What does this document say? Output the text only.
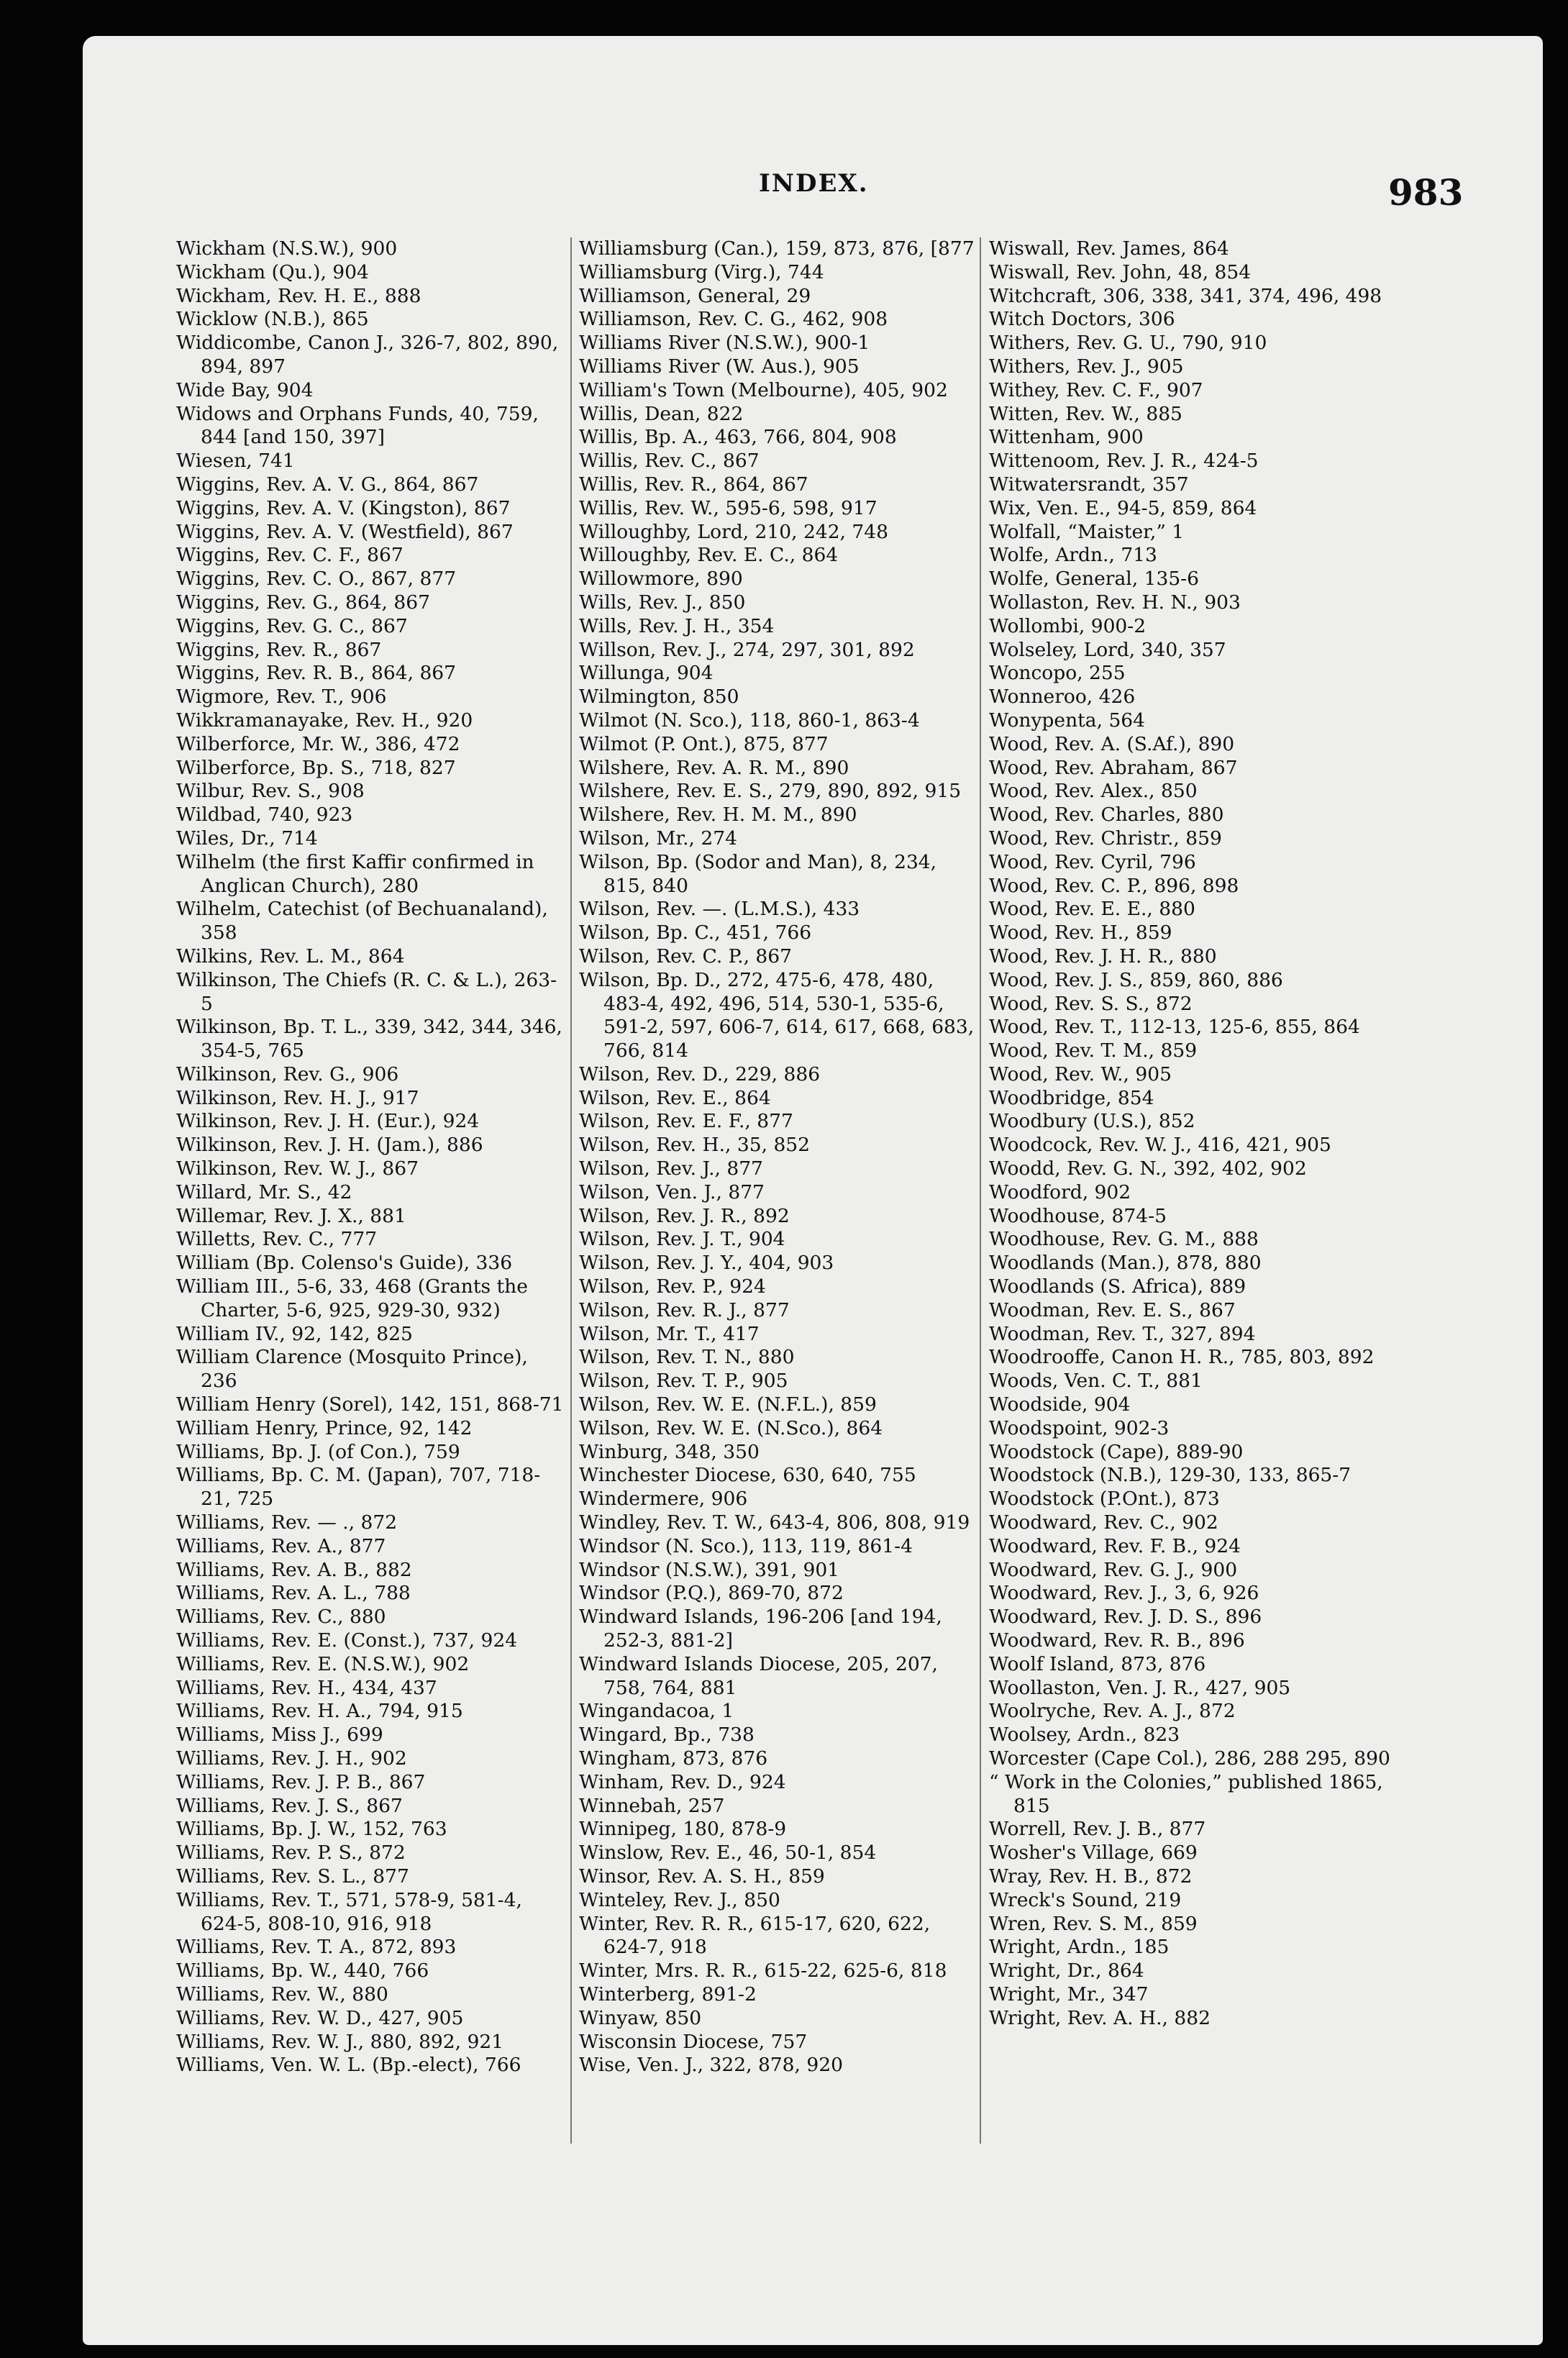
INDEX.	983
Wickham (N.S.W.), 900
Wickham (Qu.), 904
Wickham, Rev. H. E., 888
Wicklow (N.B.), 865
Widdicombe, Canon J., 326-7, 802, 890, 894, 897
Wide Bay, 904
Widows and Orphans Funds, 40, 759, 844 [and 150, 397]
Wiesen, 741
Wiggins, Rev. A. V. G., 864, 867
Wiggins, Rev. A. V. (Kingston), 867
Wiggins, Rev. A. V. (Westfield), 867
Wiggins, Rev. C. F., 867
Wiggins, Rev. C. O., 867, 877
Wiggins, Rev. G., 864, 867
Wiggins, Rev. G. C., 867
Wiggins, Rev. R., 867
Wiggins, Rev. R. B., 864, 867
Wigmore, Rev. T., 906
Wikkramanayake, Rev. H., 920
Wilberforce, Mr. W., 386, 472
Wilberforce, Bp. S., 718, 827
Wilbur, Rev. S., 908
Wildbad, 740, 923
Wiles, Dr., 714
Wilhelm (the first Kaffir confirmed in Anglican Church), 280
Wilhelm, Catechist (of Bechuanaland), 358
Wilkins, Rev. L. M., 864
Wilkinson, The Chiefs (R. C. & L.), 263-5
Wilkinson, Bp. T. L., 339, 342, 344, 346, 354-5, 765
Wilkinson, Rev. G., 906
Wilkinson, Rev. H. J., 917
Wilkinson, Rev. J. H. (Eur.), 924
Wilkinson, Rev. J. H. (Jam.), 886
Wilkinson, Rev. W. J., 867
Willard, Mr. S., 42
Willemar, Rev. J. X., 881
Willetts, Rev. C., 777
William (Bp. Colenso's Guide), 336
William III., 5-6, 33, 468 (Grants the Charter, 5-6, 925, 929-30, 932)
William IV., 92, 142, 825
William Clarence (Mosquito Prince), 236
William Henry (Sorel), 142, 151, 868-71
William Henry, Prince, 92, 142
Williams, Bp. J. (of Con.), 759
Williams, Bp. C. M. (Japan), 707, 718-21, 725
Williams, Rev. — ., 872
Williams, Rev. A., 877
Williams, Rev. A. B., 882
Williams, Rev. A. L., 788
Williams, Rev. C., 880
Williams, Rev. E. (Const.), 737, 924
Williams, Rev. E. (N.S.W.), 902
Williams, Rev. H., 434, 437
Williams, Rev. H. A., 794, 915
Williams, Miss J., 699
Williams, Rev. J. H., 902
Williams, Rev. J. P. B., 867
Williams, Rev. J. S., 867
Williams, Bp. J. W., 152, 763
Williams, Rev. P. S., 872
Williams, Rev. S. L., 877
Williams, Rev. T., 571, 578-9, 581-4, 624-5, 808-10, 916, 918
Williams, Rev. T. A., 872, 893
Williams, Bp. W., 440, 766
Williams, Rev. W., 880
Williams, Rev. W. D., 427, 905
Williams, Rev. W. J., 880, 892, 921
Williams, Ven. W. L. (Bp.-elect), 766
Williamsburg (Can.), 159, 873, 876, [877
Williamsburg (Virg.), 744
Williamson, General, 29
Williamson, Rev. C. G., 462, 908
Williams River (N.S.W.), 900-1
Williams River (W. Aus.), 905
William's Town (Melbourne), 405, 902
Willis, Dean, 822
Willis, Bp. A., 463, 766, 804, 908
Willis, Rev. C., 867
Willis, Rev. R., 864, 867
Willis, Rev. W., 595-6, 598, 917
Willoughby, Lord, 210, 242, 748
Willoughby, Rev. E. C., 864
Willowmore, 890
Wills, Rev. J., 850
Wills, Rev. J. H., 354
Willson, Rev. J., 274, 297, 301, 892
Willunga, 904
Wilmington, 850
Wilmot (N. Sco.), 118, 860-1, 863-4
Wilmot (P. Ont.), 875, 877
Wilshere, Rev. A. R. M., 890
Wilshere, Rev. E. S., 279, 890, 892, 915
Wilshere, Rev. H. M. M., 890
Wilson, Mr., 274
Wilson, Bp. (Sodor and Man), 8, 234, 815, 840
Wilson, Rev. —. (L.M.S.), 433
Wilson, Bp. C., 451, 766
Wilson, Rev. C. P., 867
Wilson, Bp. D., 272, 475-6, 478, 480, 483-4, 492, 496, 514, 530-1, 535-6, 591-2, 597, 606-7, 614, 617, 668, 683, 766, 814
Wilson, Rev. D., 229, 886
Wilson, Rev. E., 864
Wilson, Rev. E. F., 877
Wilson, Rev. H., 35, 852
Wilson, Rev. J., 877
Wilson, Ven. J., 877
Wilson, Rev. J. R., 892
Wilson, Rev. J. T., 904
Wilson, Rev. J. Y., 404, 903
Wilson, Rev. P., 924
Wilson, Rev. R. J., 877
Wilson, Mr. T., 417
Wilson, Rev. T. N., 880
Wilson, Rev. T. P., 905
Wilson, Rev. W. E. (N.F.L.), 859
Wilson, Rev. W. E. (N.Sco.), 864
Winburg, 348, 350
Winchester Diocese, 630, 640, 755
Windermere, 906
Windley, Rev. T. W., 643-4, 806, 808, 919
Windsor (N. Sco.), 113, 119, 861-4
Windsor (N.S.W.), 391, 901
Windsor (P.Q.), 869-70, 872
Windward Islands, 196-206 [and 194, 252-3, 881-2]
Windward Islands Diocese, 205, 207, 758, 764, 881
Wingandacoa, 1
Wingard, Bp., 738
Wingham, 873, 876
Winham, Rev. D., 924
Winnebah, 257
Winnipeg, 180, 878-9
Winslow, Rev. E., 46, 50-1, 854
Winsor, Rev. A. S. H., 859
Winteley, Rev. J., 850
Winter, Rev. R. R., 615-17, 620, 622, 624-7, 918
Winter, Mrs. R. R., 615-22, 625-6, 818
Winterberg, 891-2
Winyaw, 850
Wisconsin Diocese, 757
Wise, Ven. J., 322, 878, 920
Wiswall, Rev. James, 864
Wiswall, Rev. John, 48, 854
Witchcraft, 306, 338, 341, 374, 496, 498
Witch Doctors, 306
Withers, Rev. G. U., 790, 910
Withers, Rev. J., 905
Withey, Rev. C. F., 907
Witten, Rev. W., 885
Wittenham, 900
Wittenoom, Rev. J. R., 424-5
Witwatersrandt, 357
Wix, Ven. E., 94-5, 859, 864
Wolfall, “Maister,” 1
Wolfe, Ardn., 713
Wolfe, General, 135-6
Wollaston, Rev. H. N., 903
Wollombi, 900-2
Wolseley, Lord, 340, 357
Woncopo, 255
Wonneroo, 426
Wonypenta, 564
Wood, Rev. A. (S.Af.), 890
Wood, Rev. Abraham, 867
Wood, Rev. Alex., 850
Wood, Rev. Charles, 880
Wood, Rev. Christr., 859
Wood, Rev. Cyril, 796
Wood, Rev. C. P., 896, 898
Wood, Rev. E. E., 880
Wood, Rev. H., 859
Wood, Rev. J. H. R., 880
Wood, Rev. J. S., 859, 860, 886
Wood, Rev. S. S., 872
Wood, Rev. T., 112-13, 125-6, 855, 864
Wood, Rev. T. M., 859
Wood, Rev. W., 905
Woodbridge, 854
Woodbury (U.S.), 852
Woodcock, Rev. W. J., 416, 421, 905
Woodd, Rev. G. N., 392, 402, 902
Woodford, 902
Woodhouse, 874-5
Woodhouse, Rev. G. M., 888
Woodlands (Man.), 878, 880
Woodlands (S. Africa), 889
Woodman, Rev. E. S., 867
Woodman, Rev. T., 327, 894
Woodrooffe, Canon H. R., 785, 803, 892
Woods, Ven. C. T., 881
Woodside, 904
Woodspoint, 902-3
Woodstock (Cape), 889-90
Woodstock (N.B.), 129-30, 133, 865-7
Woodstock (P.Ont.), 873
Woodward, Rev. C., 902
Woodward, Rev. F. B., 924
Woodward, Rev. G. J., 900
Woodward, Rev. J., 3, 6, 926
Woodward, Rev. J. D. S., 896
Woodward, Rev. R. B., 896
Woolf Island, 873, 876
Woollaston, Ven. J. R., 427, 905
Woolryche, Rev. A. J., 872
Woolsey, Ardn., 823
Worcester (Cape Col.), 286, 288 295, 890
“ Work in the Colonies,” published 1865, 815
Worrell, Rev. J. B., 877
Wosher's Village, 669
Wray, Rev. H. B., 872
Wreck's Sound, 219
Wren, Rev. S. M., 859
Wright, Ardn., 185
Wright, Dr., 864
Wright, Mr., 347
Wright, Rev. A. H., 882
